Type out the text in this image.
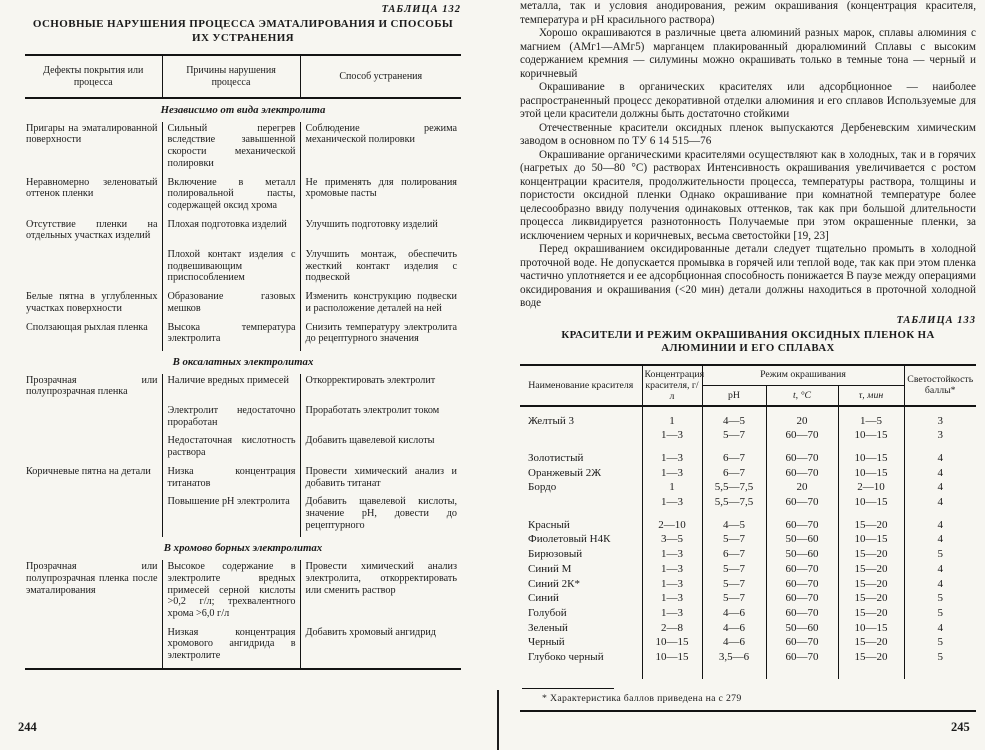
ТАБЛИЦА 132
ОСНОВНЫЕ НАРУШЕНИЯ ПРОЦЕССА ЭМАТАЛИРОВАНИЯ И СПОСОБЫ ИХ УСТРАНЕНИЯ
Дефекты покрытия или процесса	Причины нарушения процесса	Способ устранения
Независимо от вида электролита		
Пригары на эматалированной поверхности	Сильный перегрев вследствие завышенной скорости механической полировки	Соблюдение режима механической полировки
Неравномерно зеленоватый оттенок пленки	Включение в металл полировальной пасты, содержащей оксид хрома	Не применять для полирования хромовые пасты
Отсутствие пленки на отдельных участках изделий	Плохая подготовка изделий	Улучшить подготовку изделий
	Плохой контакт изделия с подвешивающим приспособлением	Улучшить монтаж, обеспечить жесткий контакт изделия с подвеской
Белые пятна в углубленных участках поверхности	Образование газовых мешков	Изменить конструкцию подвески и расположение деталей на ней
Сползающая рыхлая пленка	Высока температура электролита	Снизить температуру электролита до рецептурного значения
В оксалатных электролитах		
Прозрачная или полупрозрачная пленка	Наличие вредных примесей	Откорректировать электролит
	Электролит недостаточно проработан	Проработать электролит током
	Недостаточная кислотность раствора	Добавить щавелевой кислоты
Коричневые пятна на детали	Низка концентрация титанатов	Провести химический анализ и добавить титанат
	Повышение pH электролита	Добавить щавелевой кислоты, значение pH, довести до рецептурного
В хромово борных электролитах		
Прозрачная или полупрозрачная пленка после эматалирования	Высокое содержание в электролите вредных примесей серной кислоты >0,2 г/л; трехвалентного хрома >6,0 г/л	Провести химический анализ электролита, откорректировать или сменить раствор
	Низкая концентрация хромового ангидрида в электролите	Добавить хромовый ангидрид

металла, так и условия анодирования, режим окрашивания (концентрация красителя, температура и pH красильного раствора)

Хорошо окрашиваются в различные цвета алюминий разных марок, сплавы алюминия с магнием (АМг1—АМг5) марганцем плакированный дюралюминий Сплавы с высоким содержанием кремния — силумины можно окрашивать только в темные тона — черный и коричневый

Окрашивание в органических красителях или адсорбционное — наиболее распространенный процесс декоративной отделки алюминия и его сплавов Используемые для этой цели красители должны быть достаточно стойкими

Отечественные красители оксидных пленок выпускаются Дербеневским химическим заводом в основном по ТУ 6 14 515—76

Окрашивание органическими красителями осуществляют как в холодных, так и в горячих (нагретых до 50—80 °С) растворах Интенсивность окрашивания увеличивается с ростом концентрации красителя, продолжительности процесса, температуры раствора, толщины и пористости оксидной пленки Однако окрашивание при комнатной температуре более целесообразно ввиду получения одинаковых оттенков, так как при большой длительности процесса ликвидируется разнотонность Получаемые при этом окрашенные пленки, за исключением черных и коричневых, весьма светостойки [19, 23]

Перед окрашиванием оксидированные детали следует тщательно промыть в холодной проточной воде. Не допускается промывка в горячей или теплой воде, так как при этом пленка частично уплотняется и ее адсорбционная способность понижается В паузе между операциями оксидирования и окрашивания (<20 мин) детали должны находиться в проточной холодной воде

ТАБЛИЦА 133
КРАСИТЕЛИ И РЕЖИМ ОКРАШИВАНИЯ ОКСИДНЫХ ПЛЕНОК НА АЛЮМИНИИ И ЕГО СПЛАВАХ
Наименование красителя	Концентрация красителя, г/л	Режим окрашивания			Светостойкость баллы*
		pH	t, °С	τ, мин	
Желтый 3	1	4—5	20	1—5	3
	1—3	5—7	60—70	10—15	3
Золотистый	1—3	6—7	60—70	10—15	4
Оранжевый 2Ж	1—3	6—7	60—70	10—15	4
Бордо	1	5,5—7,5	20	2—10	4
	1—3	5,5—7,5	60—70	10—15	4
Красный	2—10	4—5	60—70	15—20	4
Фиолетовый Н4К	3—5	5—7	50—60	10—15	4
Бирюзовый	1—3	6—7	50—60	15—20	5
Синий М	1—3	5—7	60—70	15—20	4
Синий 2К*	1—3	5—7	60—70	15—20	4
Синий	1—3	5—7	60—70	15—20	5
Голубой	1—3	4—6	60—70	15—20	5
Зеленый	2—8	4—6	50—60	10—15	4
Черный	10—15	4—6	60—70	15—20	5
Глубоко черный	10—15	3,5—6	60—70	15—20	5

* Характеристика баллов приведена на с 279
244	245
